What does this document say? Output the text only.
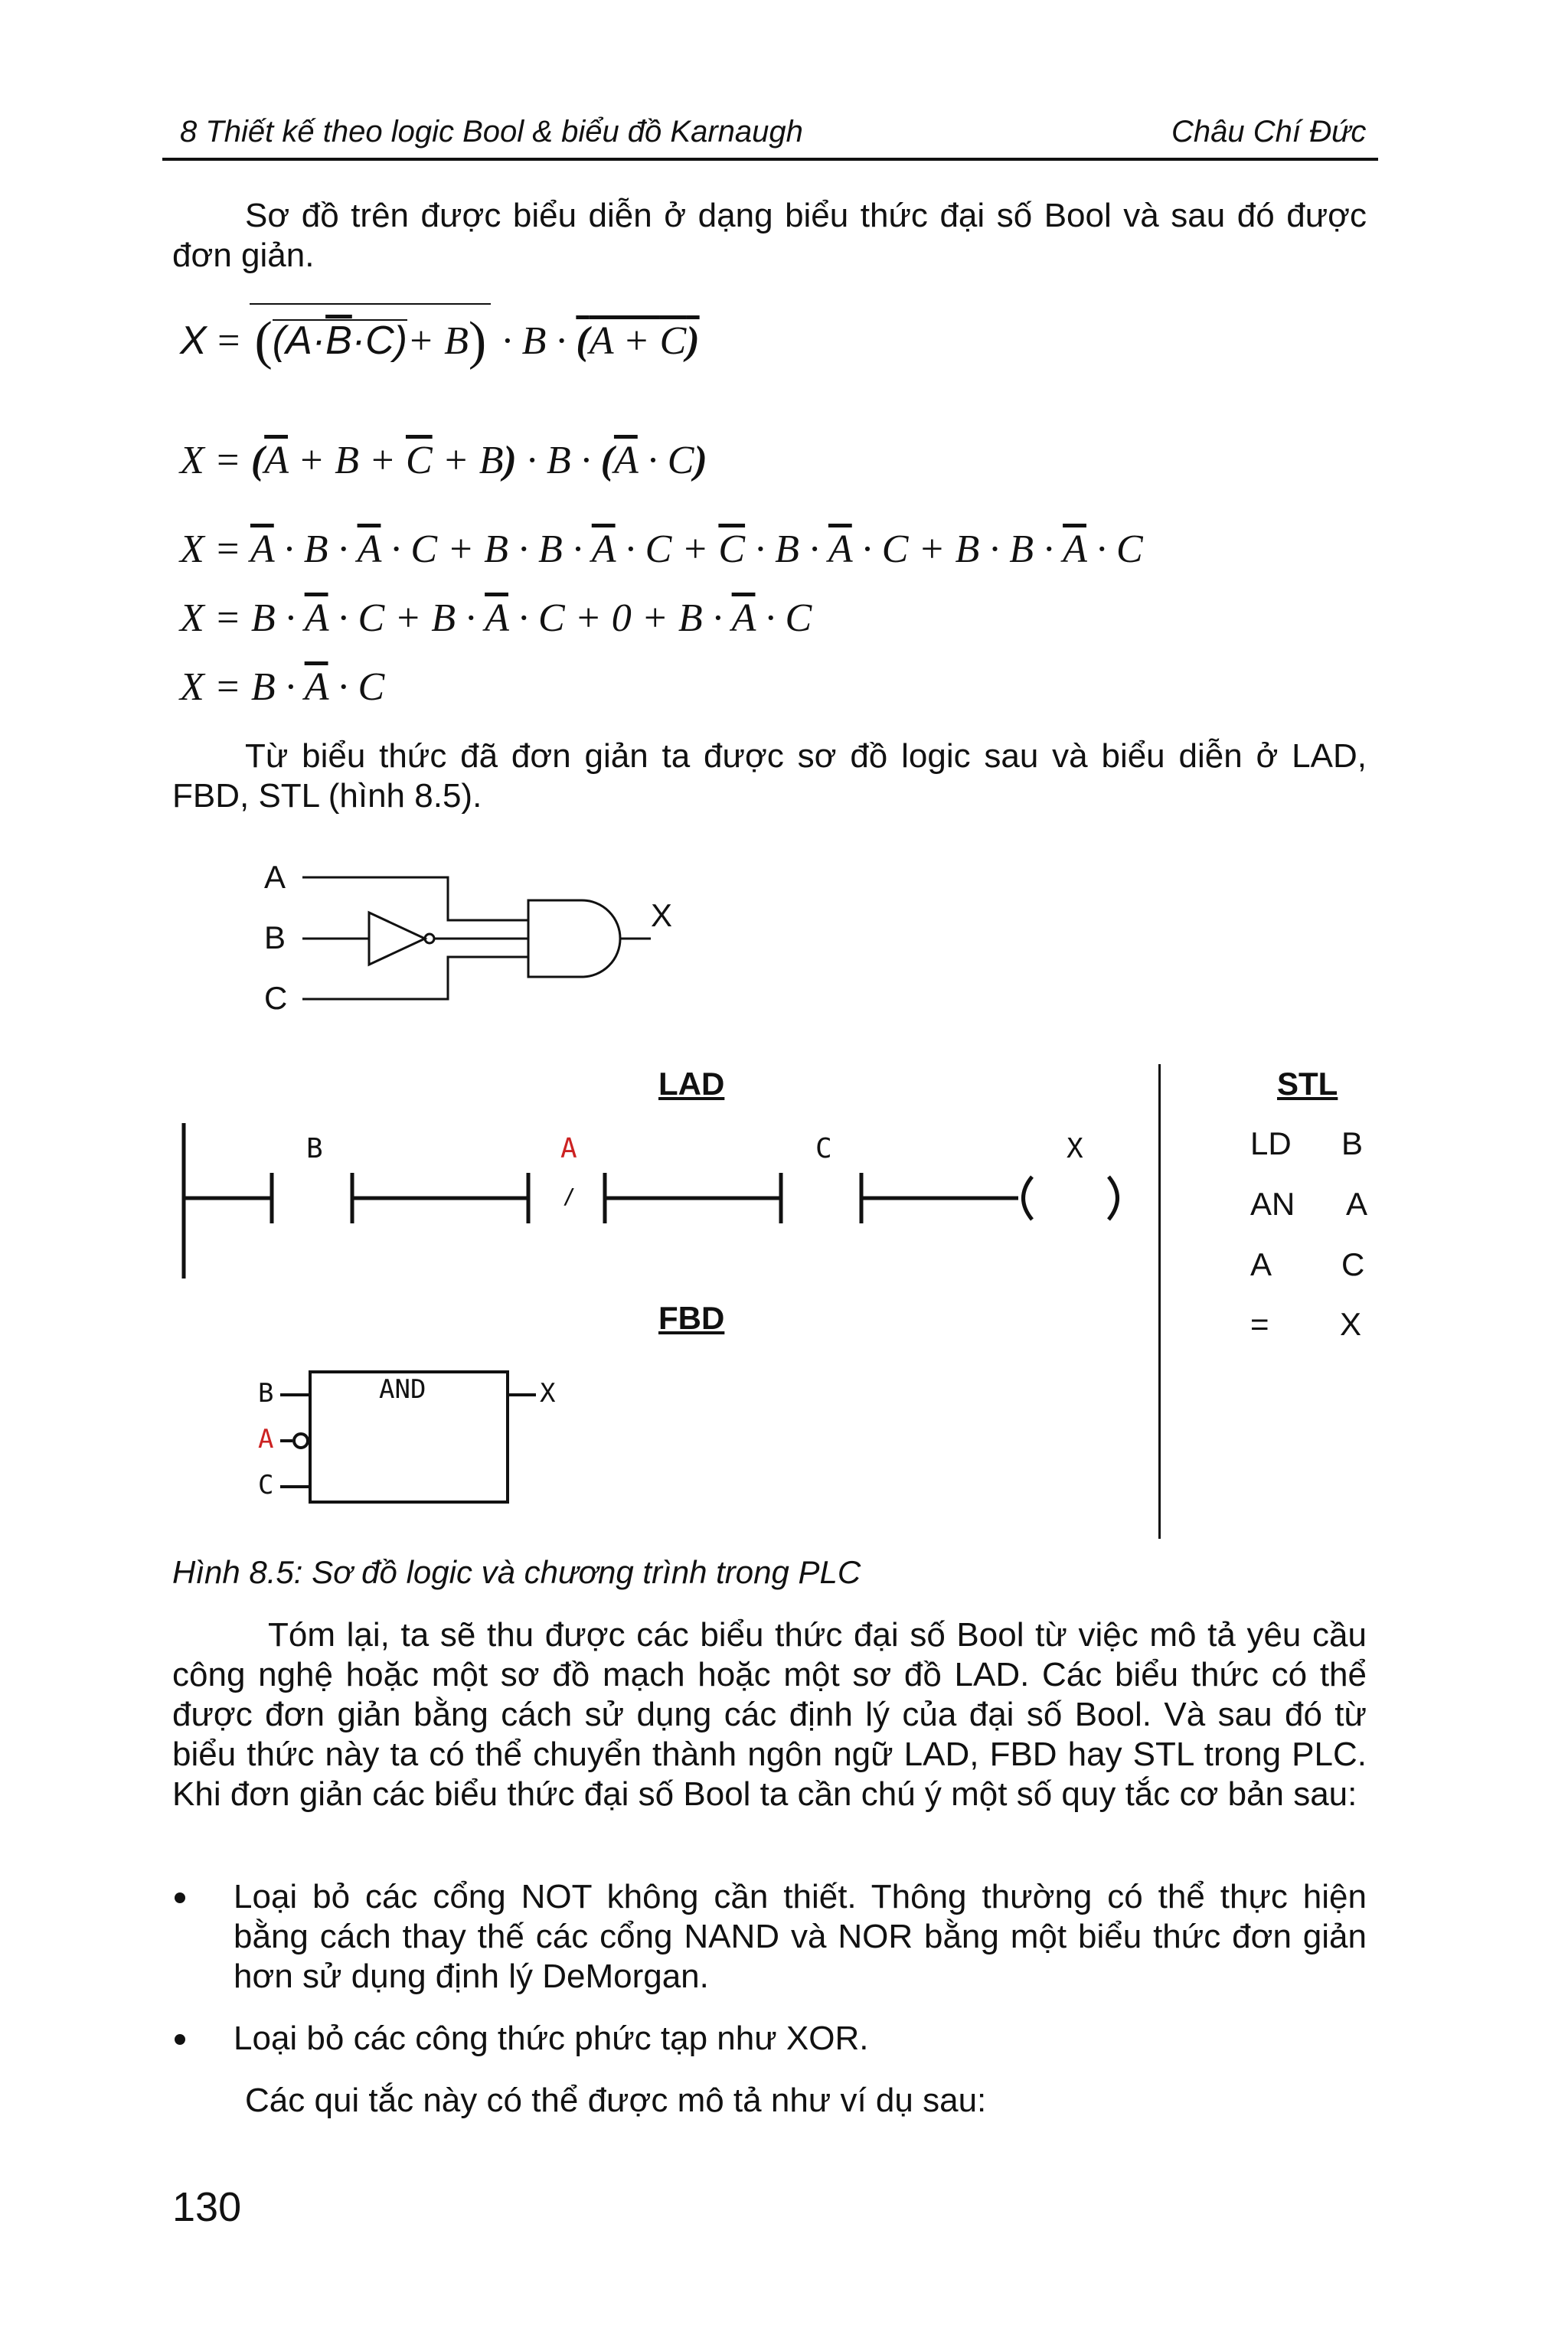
8 Thiết kế theo logic Bool & biểu đồ Karnaugh	Châu Chí Đức
Sơ đồ trên được biểu diễn ở dạng biểu thức đại số Bool và sau đó được đơn giản.
X =
(
$(A\cdot\overline{B}\cdot C)+ B) \cdot B \cdot (A + C)$
$X = (\overline{A} + B + \overline{C} + B) \cdot B \cdot (\overline{A} \cdot C)$
$X = \overline{A} \cdot B \cdot \overline{A} \cdot C + B \cdot B \cdot \overline{A} \cdot C + \overline{C} \cdot B \cdot \overline{A} \cdot C + B \cdot B \cdot \overline{A} \cdot C$
$X = B \cdot \overline{A} \cdot C + B \cdot \overline{A} \cdot C + 0 + B \cdot \overline{A} \cdot C$
$X = B \cdot \overline{A} \cdot C$
Từ biểu thức đã đơn giản ta được sơ đồ logic sau và biểu diễn ở LAD, FBD, STL (hình 8.5).
A
B
C
X
LAD
B	A
/
C	X
FBD
AND
B
A
C
X
STL
LD B
AN A
A C
= X
Hình 8.5: Sơ đồ logic và chương trình trong PLC
Tóm lại, ta sẽ thu được các biểu thức đại số Bool từ việc mô tả yêu cầu công nghệ hoặc một sơ đồ mạch hoặc một sơ đồ LAD. Các biểu thức có thể được đơn giản bằng cách sử dụng các định lý của đại số Bool. Và sau đó từ biểu thức này ta có thể chuyển thành ngôn ngữ LAD, FBD hay STL trong PLC. Khi đơn giản các biểu thức đại số Bool ta cần chú ý một số quy tắc cơ bản sau:
Loại bỏ các cổng NOT không cần thiết. Thông thường có thể thực hiện bằng cách thay thế các cổng NAND và NOR bằng một biểu thức đơn giản hơn sử dụng định lý DeMorgan.
Loại bỏ các công thức phức tạp như XOR.
Các qui tắc này có thể được mô tả như ví dụ sau:
130
